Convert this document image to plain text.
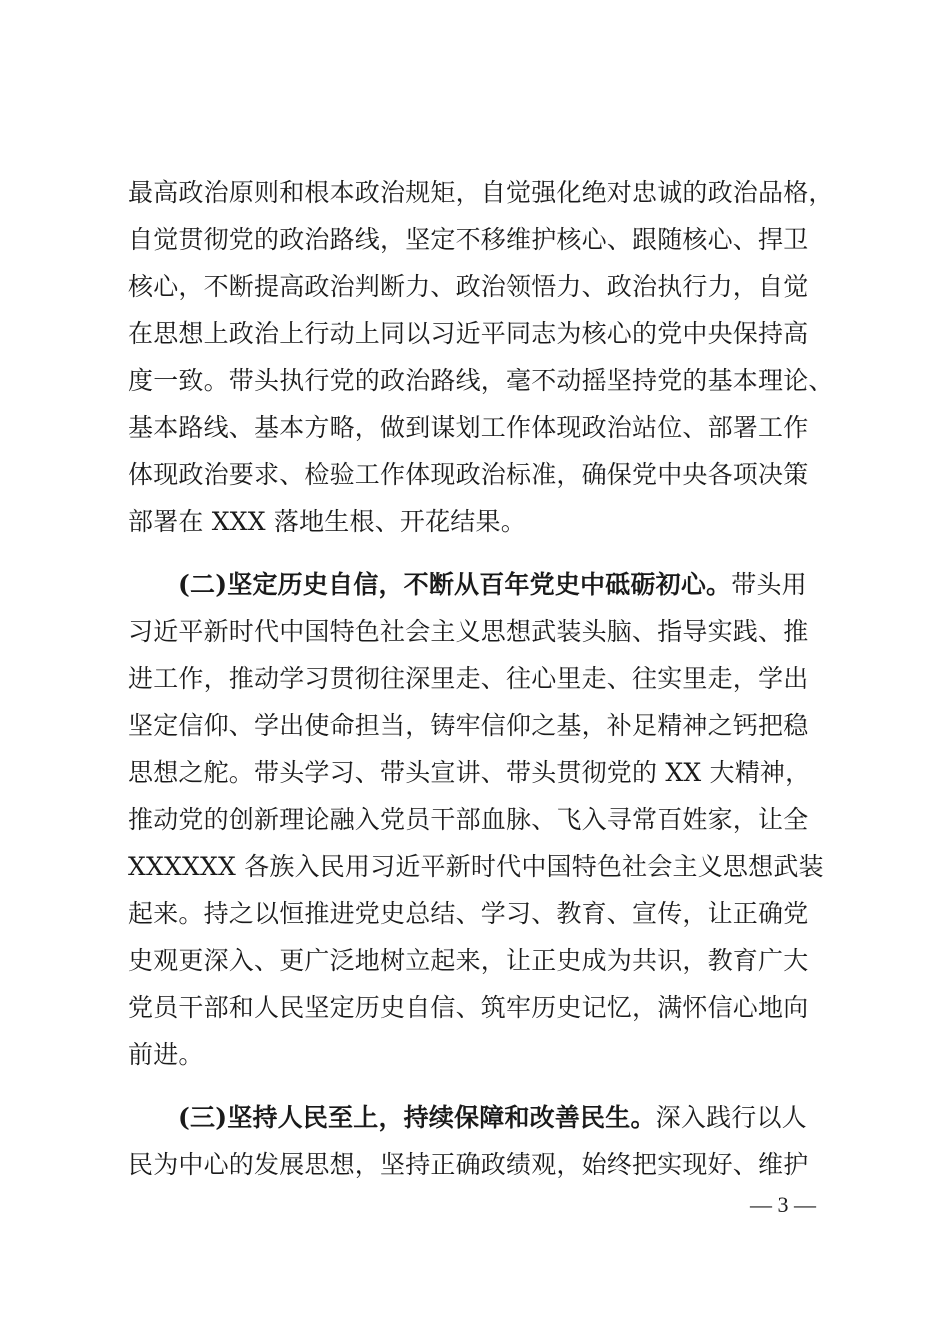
最高政治原则和根本政治规矩，自觉强化绝对忠诚的政治品格，
自觉贯彻党的政治路线，坚定不移维护核心、跟随核心、捍卫
核心，不断提高政治判断力、政治领悟力、政治执行力，自觉
在思想上政治上行动上同以习近平同志为核心的党中央保持高
度一致。带头执行党的政治路线，毫不动摇坚持党的基本理论、
基本路线、基本方略，做到谋划工作体现政治站位、部署工作
体现政治要求、检验工作体现政治标准，确保党中央各项决策
部署在 XXX 落地生根、开花结果。
(二)坚定历史自信，不断从百年党史中砥砺初心。带头用
习近平新时代中国特色社会主义思想武装头脑、指导实践、推
进工作，推动学习贯彻往深里走、往心里走、往实里走，学出
坚定信仰、学出使命担当，铸牢信仰之基，补足精神之钙把稳
思想之舵。带头学习、带头宣讲、带头贯彻党的 XX 大精神，
推动党的创新理论融入党员干部血脉、飞入寻常百姓家，让全
XXXXXX 各族入民用习近平新时代中国特色社会主义思想武装
起来。持之以恒推进党史总结、学习、教育、宣传，让正确党
史观更深入、更广泛地树立起来，让正史成为共识，教育广大
党员干部和人民坚定历史自信、筑牢历史记忆，满怀信心地向
前进。
(三)坚持人民至上，持续保障和改善民生。深入践行以人
民为中心的发展思想，坚持正确政绩观，始终把实现好、维护
— 3 —
